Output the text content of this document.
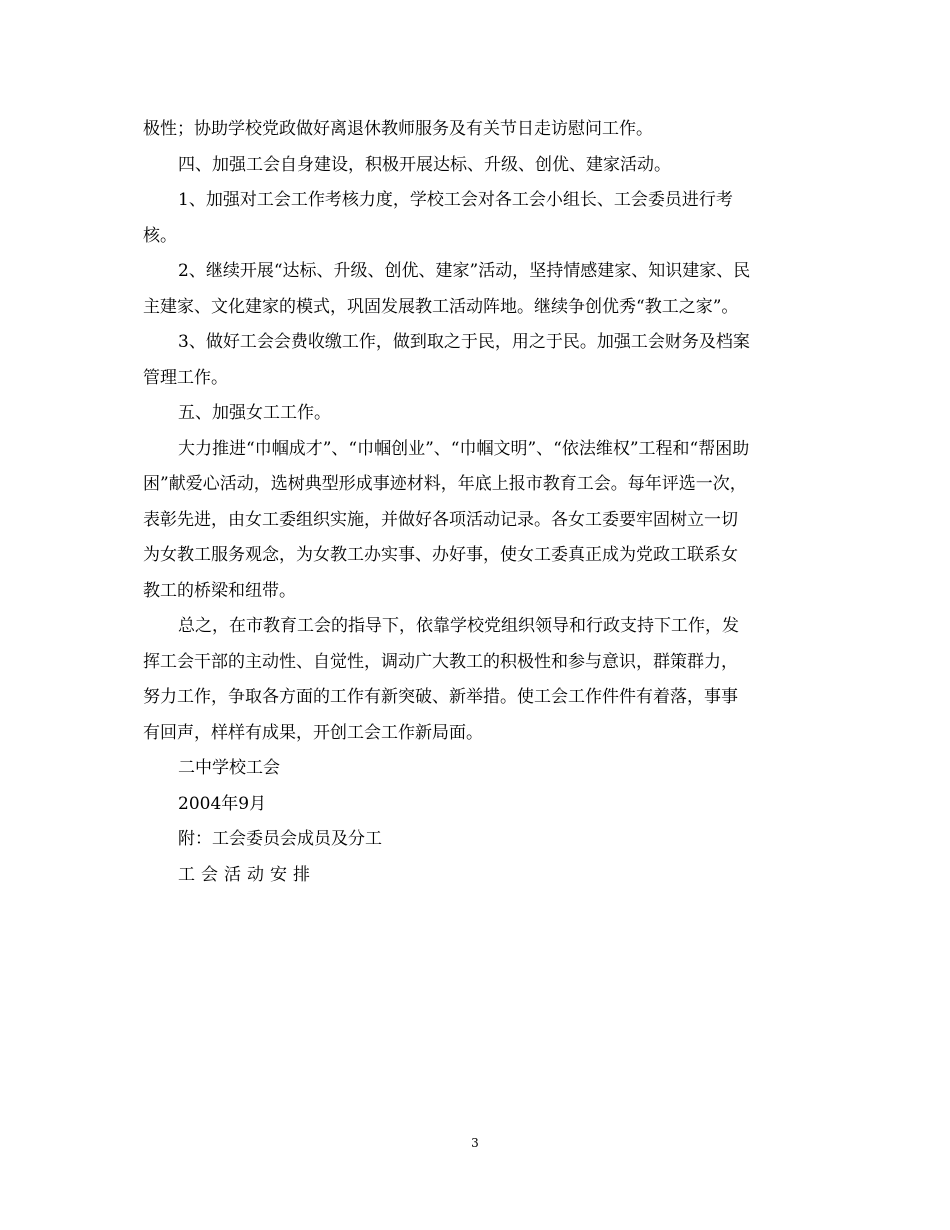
极性；协助学校党政做好离退休教师服务及有关节日走访慰问工作。
四、加强工会自身建设，积极开展达标、升级、创优、建家活动。
1、加强对工会工作考核力度，学校工会对各工会小组长、工会委员进行考
核。
2、继续开展“达标、升级、创优、建家”活动，坚持情感建家、知识建家、民
主建家、文化建家的模式，巩固发展教工活动阵地。继续争创优秀“教工之家”。
3、做好工会会费收缴工作，做到取之于民，用之于民。加强工会财务及档案
管理工作。
五、加强女工工作。
大力推进“巾帼成才”、“巾帼创业”、“巾帼文明”、“依法维权”工程和“帮困助
困”献爱心活动，选树典型形成事迹材料，年底上报市教育工会。每年评选一次，
表彰先进，由女工委组织实施，并做好各项活动记录。各女工委要牢固树立一切
为女教工服务观念，为女教工办实事、办好事，使女工委真正成为党政工联系女
教工的桥梁和纽带。
总之，在市教育工会的指导下，依靠学校党组织领导和行政支持下工作，发
挥工会干部的主动性、自觉性，调动广大教工的积极性和参与意识，群策群力，
努力工作，争取各方面的工作有新突破、新举措。使工会工作件件有着落，事事
有回声，样样有成果，开创工会工作新局面。
二中学校工会
2004年9月
附：工会委员会成员及分工
工会活动安排
3
